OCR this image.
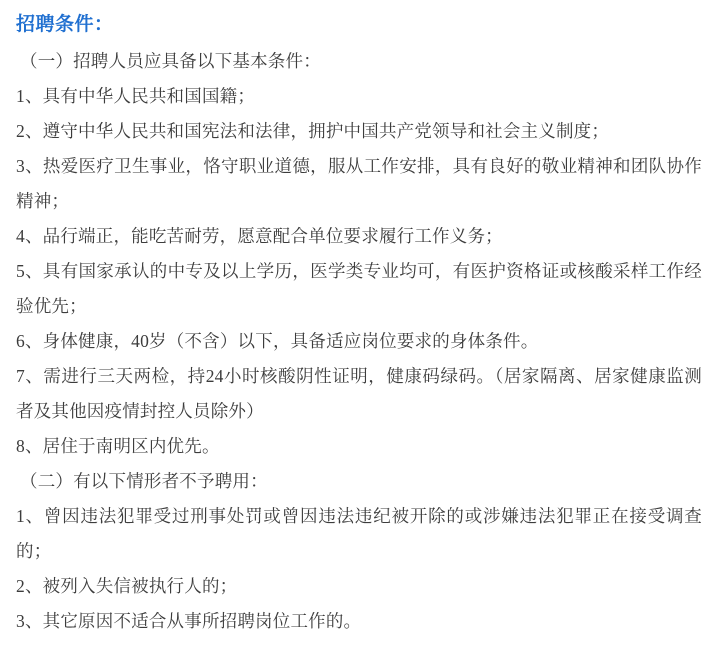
招聘条件：

（一）招聘人员应具备以下基本条件：

1、具有中华人民共和国国籍；

2、遵守中华人民共和国宪法和法律，拥护中国共产党领导和社会主义制度；

3、热爱医疗卫生事业，恪守职业道德，服从工作安排，具有良好的敬业精神和团队协作精神；

4、品行端正，能吃苦耐劳，愿意配合单位要求履行工作义务；

5、具有国家承认的中专及以上学历，医学类专业均可，有医护资格证或核酸采样工作经验优先；

6、身体健康，40岁（不含）以下，具备适应岗位要求的身体条件。

7、需进行三天两检，持24小时核酸阴性证明，健康码绿码。（居家隔离、居家健康监测者及其他因疫情封控人员除外）

8、居住于南明区内优先。

（二）有以下情形者不予聘用：

1、曾因违法犯罪受过刑事处罚或曾因违法违纪被开除的或涉嫌违法犯罪正在接受调查的；

2、被列入失信被执行人的；

3、其它原因不适合从事所招聘岗位工作的。
